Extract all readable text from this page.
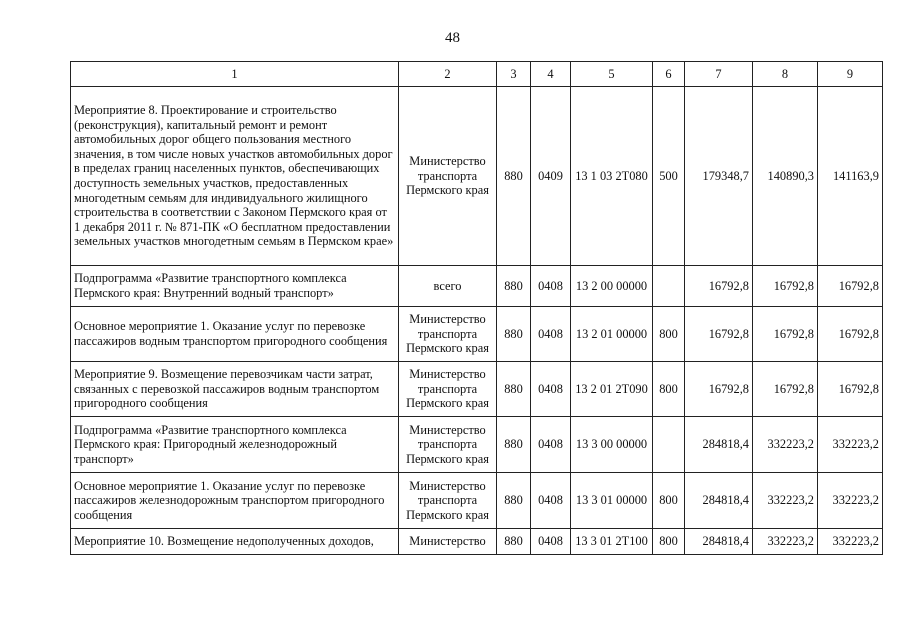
48
1	2	3	4	5	6	7	8	9
Мероприятие 8. Проектирование и строительство (реконструкция), капитальный ремонт и ремонт автомобильных дорог общего пользования местного значения, в том числе новых участков автомобильных дорог в пределах границ населенных пунктов, обеспечивающих доступность земельных участков, предоставленных многодетным семьям для индивидуального жилищного строительства в соответствии с Законом Пермского края от 1 декабря 2011 г. № 871-ПК «О бесплатном предоставлении земельных участков многодетным семьям в Пермском крае»	Министерство транспорта Пермского края	880	0409	13 1 03 2Т080	500	179348,7	140890,3	141163,9
Подпрограмма «Развитие транспортного комплекса Пермского края: Внутренний водный транспорт»	всего	880	0408	13 2 00 00000		16792,8	16792,8	16792,8
Основное мероприятие 1. Оказание услуг по перевозке пассажиров водным транспортом пригородного сообщения	Министерство транспорта Пермского края	880	0408	13 2 01 00000	800	16792,8	16792,8	16792,8
Мероприятие 9. Возмещение перевозчикам части затрат, связанных с перевозкой пассажиров водным транспортом пригородного сообщения	Министерство транспорта Пермского края	880	0408	13 2 01 2Т090	800	16792,8	16792,8	16792,8
Подпрограмма «Развитие транспортного комплекса Пермского края: Пригородный железнодорожный транспорт»	Министерство транспорта Пермского края	880	0408	13 3 00 00000		284818,4	332223,2	332223,2
Основное мероприятие 1. Оказание услуг по перевозке пассажиров железнодорожным транспортом пригородного сообщения	Министерство транспорта Пермского края	880	0408	13 3 01 00000	800	284818,4	332223,2	332223,2
Мероприятие 10. Возмещение недополученных доходов,	Министерство	880	0408	13 3 01 2Т100	800	284818,4	332223,2	332223,2
